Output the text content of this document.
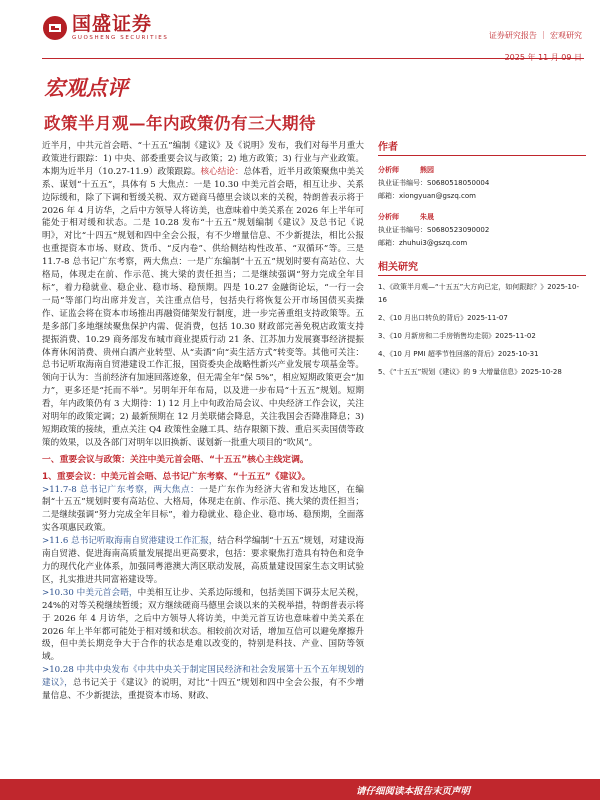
国盛证券
GUOSHENG SECURITIES	证券研究报告 ｜ 宏观研究
2025 年 11 月 09 日
宏观点评
政策半月观—年内政策仍有三大期待

近半月，中共元首会晤、“十五五”编制《建议》及《说明》发布，我们对每半月重大政策进行跟踪：1) 中央、部委重要会议与政策；2) 地方政策；3) 行业与产业政策。本期为近半月（10.27-11.9）政策跟踪。核心结论：总体看，近半月政策聚焦中美关系、谋划“十五五”，具体有 5 大焦点：一是 10.30 中美元首会晤，相互让步、关系边际缓和，除了下调和暂缓关税、双方磋商马德里会谈以来的关税，特朗普表示将于 2026 年 4 月访华，之后中方领导人将访美，也意味着中美关系在 2026 年上半年可能处于相对缓和状态。二是 10.28 发布“十五五”规划编制《建议》及总书记《说明》，对比“十四五”规划和四中全会公报，有不少增量信息、不少新提法，相比公报也重提资本市场、财政、货币、“反内卷”、供给侧结构性改革、“双循环”等。三是 11.7-8 总书记广东考察，两大焦点：一是广东编制“十五五”规划时要有高站位、大格局，体现走在前、作示范、挑大梁的责任担当；二是继续强调“努力完成全年目标”，着力稳就业、稳企业、稳市场、稳预期。四是 10.27 金融街论坛，“一行一会一局”等部门均出席并发言，关注重点信号，包括央行将恢复公开市场国债买卖操作、证监会将在资本市场推出再融资储架发行制度，进一步完善重组支持政策等。五是多部门多地继续聚焦保护内需、促消费，包括 10.30 财政部完善免税店政策支持提振消费、10.29 商务部发布城市商业提质行动 21 条、江苏加力发展赛事经济提振体育休闲消费、贵州白酒产业转型、从“卖酒”向“卖生活方式”转变等。其他可关注：总书记听取海南自贸港建设工作汇报，国资委央企战略性新兴产业发展专项基金等。领向于认为：当前经济有加速回落迹象，但无需全年“保 5%”，相应短期政策更会“加力”，更多还是“托而不举”。另明年开年布局，以及进一步布局“十五五”规划。短期看，年内政策仍有 3 大期待：1) 12 月上中旬政治局会议、中央经济工作会议，关注对明年的政策定调；2) 最新预期在 12 月美联储会降息，关注我国会否降准降息；3) 短期政策的接续，重点关注 Q4 政策性金融工具、结存限额下拨、重启买卖国债等政策的效果，以及各部门对明年以旧换新、谋划新一批重大项目的“吹风”。

一、重要会议与政策：关注中美元首会晤、“十五五”核心主线定调。
1、重要会议：中美元首会晤、总书记广东考察、“十五五”《建议》。

>11.7-8 总书记广东考察，两大焦点：一是广东作为经济大省和发达地区，在编制“十五五”规划时要有高站位、大格局，体现走在前、作示范、挑大梁的责任担当；二是继续强调“努力完成全年目标”，着力稳就业、稳企业、稳市场、稳预期，全面落实各项惠民政策。

>11.6 总书记听取海南自贸港建设工作汇报，结合科学编制“十五五”规划，对建设海南自贸港、促进海南高质量发展提出更高要求，包括：要求聚焦打造具有特色和竞争力的现代化产业体系，加强同粤港澳大湾区联动发展，高质量建设国家生态文明试验区，扎实推进共同富裕建设等。

>10.30 中美元首会晤，中美相互让步、关系边际缓和，包括美国下调芬太尼关税，24%的对等关税继续暂缓；双方继续磋商马德里会谈以来的关税举措，特朗普表示将于 2026 年 4 月访华，之后中方领导人将访美，中美元首互访也意味着中美关系在 2026 年上半年都可能处于相对缓和状态。相较前次对话，增加互信可以避免摩擦升级，但中美长期竞争大于合作的状态是难以改变的，特别是科技、产业、国防等领域。

>10.28 中共中央发布《中共中央关于制定国民经济和社会发展第十五个五年规划的建议》，总书记关于《建议》的说明，对比“十四五”规划和四中全会公报，有不少增量信息、不少新提法，重提资本市场、财政、

作者
分析师	熊园
执业证书编号：S0680518050004
邮箱：xiongyuan@gszq.com
分析师	朱晟
执业证书编号：S0680523090002
邮箱：zhuhui3@gszq.com
相关研究
1、《政策半月观—“十五五”大方向已定，如何跟踪？》2025-10-16
2、《10 月出口转负的背后》2025-11-07
3、《10 月新房和二手房销售均走弱》2025-11-02
4、《10 月 PMI 超季节性回落的背后》2025-10-31
5、《“十五五”规划《建议》的 9 大增量信息》2025-10-28
请仔细阅读本报告末页声明
